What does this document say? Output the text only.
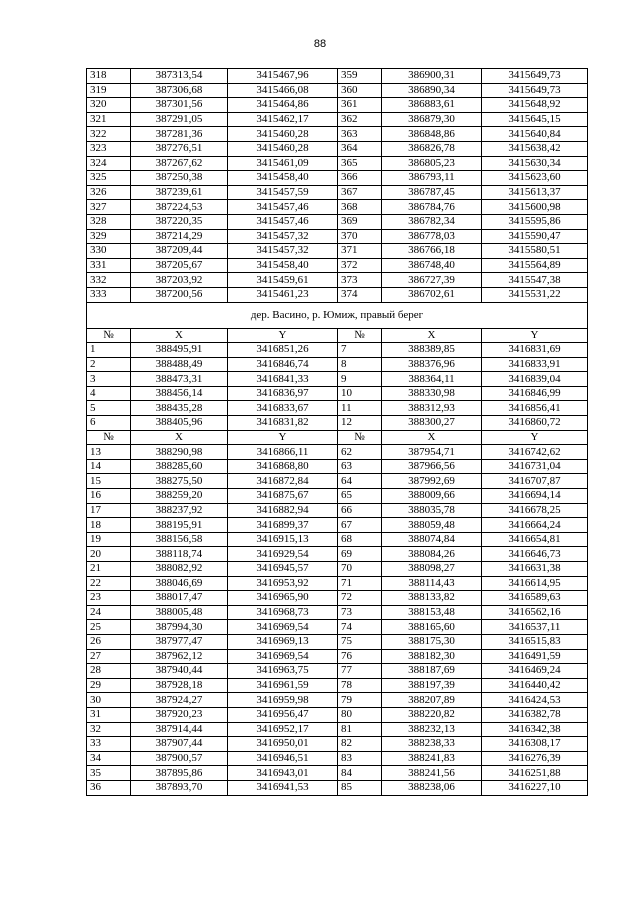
88
318	387313,54	3415467,96	359	386900,31	3415649,73
319	387306,68	3415466,08	360	386890,34	3415649,73
320	387301,56	3415464,86	361	386883,61	3415648,92
321	387291,05	3415462,17	362	386879,30	3415645,15
322	387281,36	3415460,28	363	386848,86	3415640,84
323	387276,51	3415460,28	364	386826,78	3415638,42
324	387267,62	3415461,09	365	386805,23	3415630,34
325	387250,38	3415458,40	366	386793,11	3415623,60
326	387239,61	3415457,59	367	386787,45	3415613,37
327	387224,53	3415457,46	368	386784,76	3415600,98
328	387220,35	3415457,46	369	386782,34	3415595,86
329	387214,29	3415457,32	370	386778,03	3415590,47
330	387209,44	3415457,32	371	386766,18	3415580,51
331	387205,67	3415458,40	372	386748,40	3415564,89
332	387203,92	3415459,61	373	386727,39	3415547,38
333	387200,56	3415461,23	374	386702,61	3415531,22
дер. Васино, р. Юмиж, правый берег					
№	X	Y	№	X	Y
1	388495,91	3416851,26	7	388389,85	3416831,69
2	388488,49	3416846,74	8	388376,96	3416833,91
3	388473,31	3416841,33	9	388364,11	3416839,04
4	388456,14	3416836,97	10	388330,98	3416846,99
5	388435,28	3416833,67	11	388312,93	3416856,41
6	388405,96	3416831,82	12	388300,27	3416860,72
№	X	Y	№	X	Y
13	388290,98	3416866,11	62	387954,71	3416742,62
14	388285,60	3416868,80	63	387966,56	3416731,04
15	388275,50	3416872,84	64	387992,69	3416707,87
16	388259,20	3416875,67	65	388009,66	3416694,14
17	388237,92	3416882,94	66	388035,78	3416678,25
18	388195,91	3416899,37	67	388059,48	3416664,24
19	388156,58	3416915,13	68	388074,84	3416654,81
20	388118,74	3416929,54	69	388084,26	3416646,73
21	388082,92	3416945,57	70	388098,27	3416631,38
22	388046,69	3416953,92	71	388114,43	3416614,95
23	388017,47	3416965,90	72	388133,82	3416589,63
24	388005,48	3416968,73	73	388153,48	3416562,16
25	387994,30	3416969,54	74	388165,60	3416537,11
26	387977,47	3416969,13	75	388175,30	3416515,83
27	387962,12	3416969,54	76	388182,30	3416491,59
28	387940,44	3416963,75	77	388187,69	3416469,24
29	387928,18	3416961,59	78	388197,39	3416440,42
30	387924,27	3416959,98	79	388207,89	3416424,53
31	387920,23	3416956,47	80	388220,82	3416382,78
32	387914,44	3416952,17	81	388232,13	3416342,38
33	387907,44	3416950,01	82	388238,33	3416308,17
34	387900,57	3416946,51	83	388241,83	3416276,39
35	387895,86	3416943,01	84	388241,56	3416251,88
36	387893,70	3416941,53	85	388238,06	3416227,10
